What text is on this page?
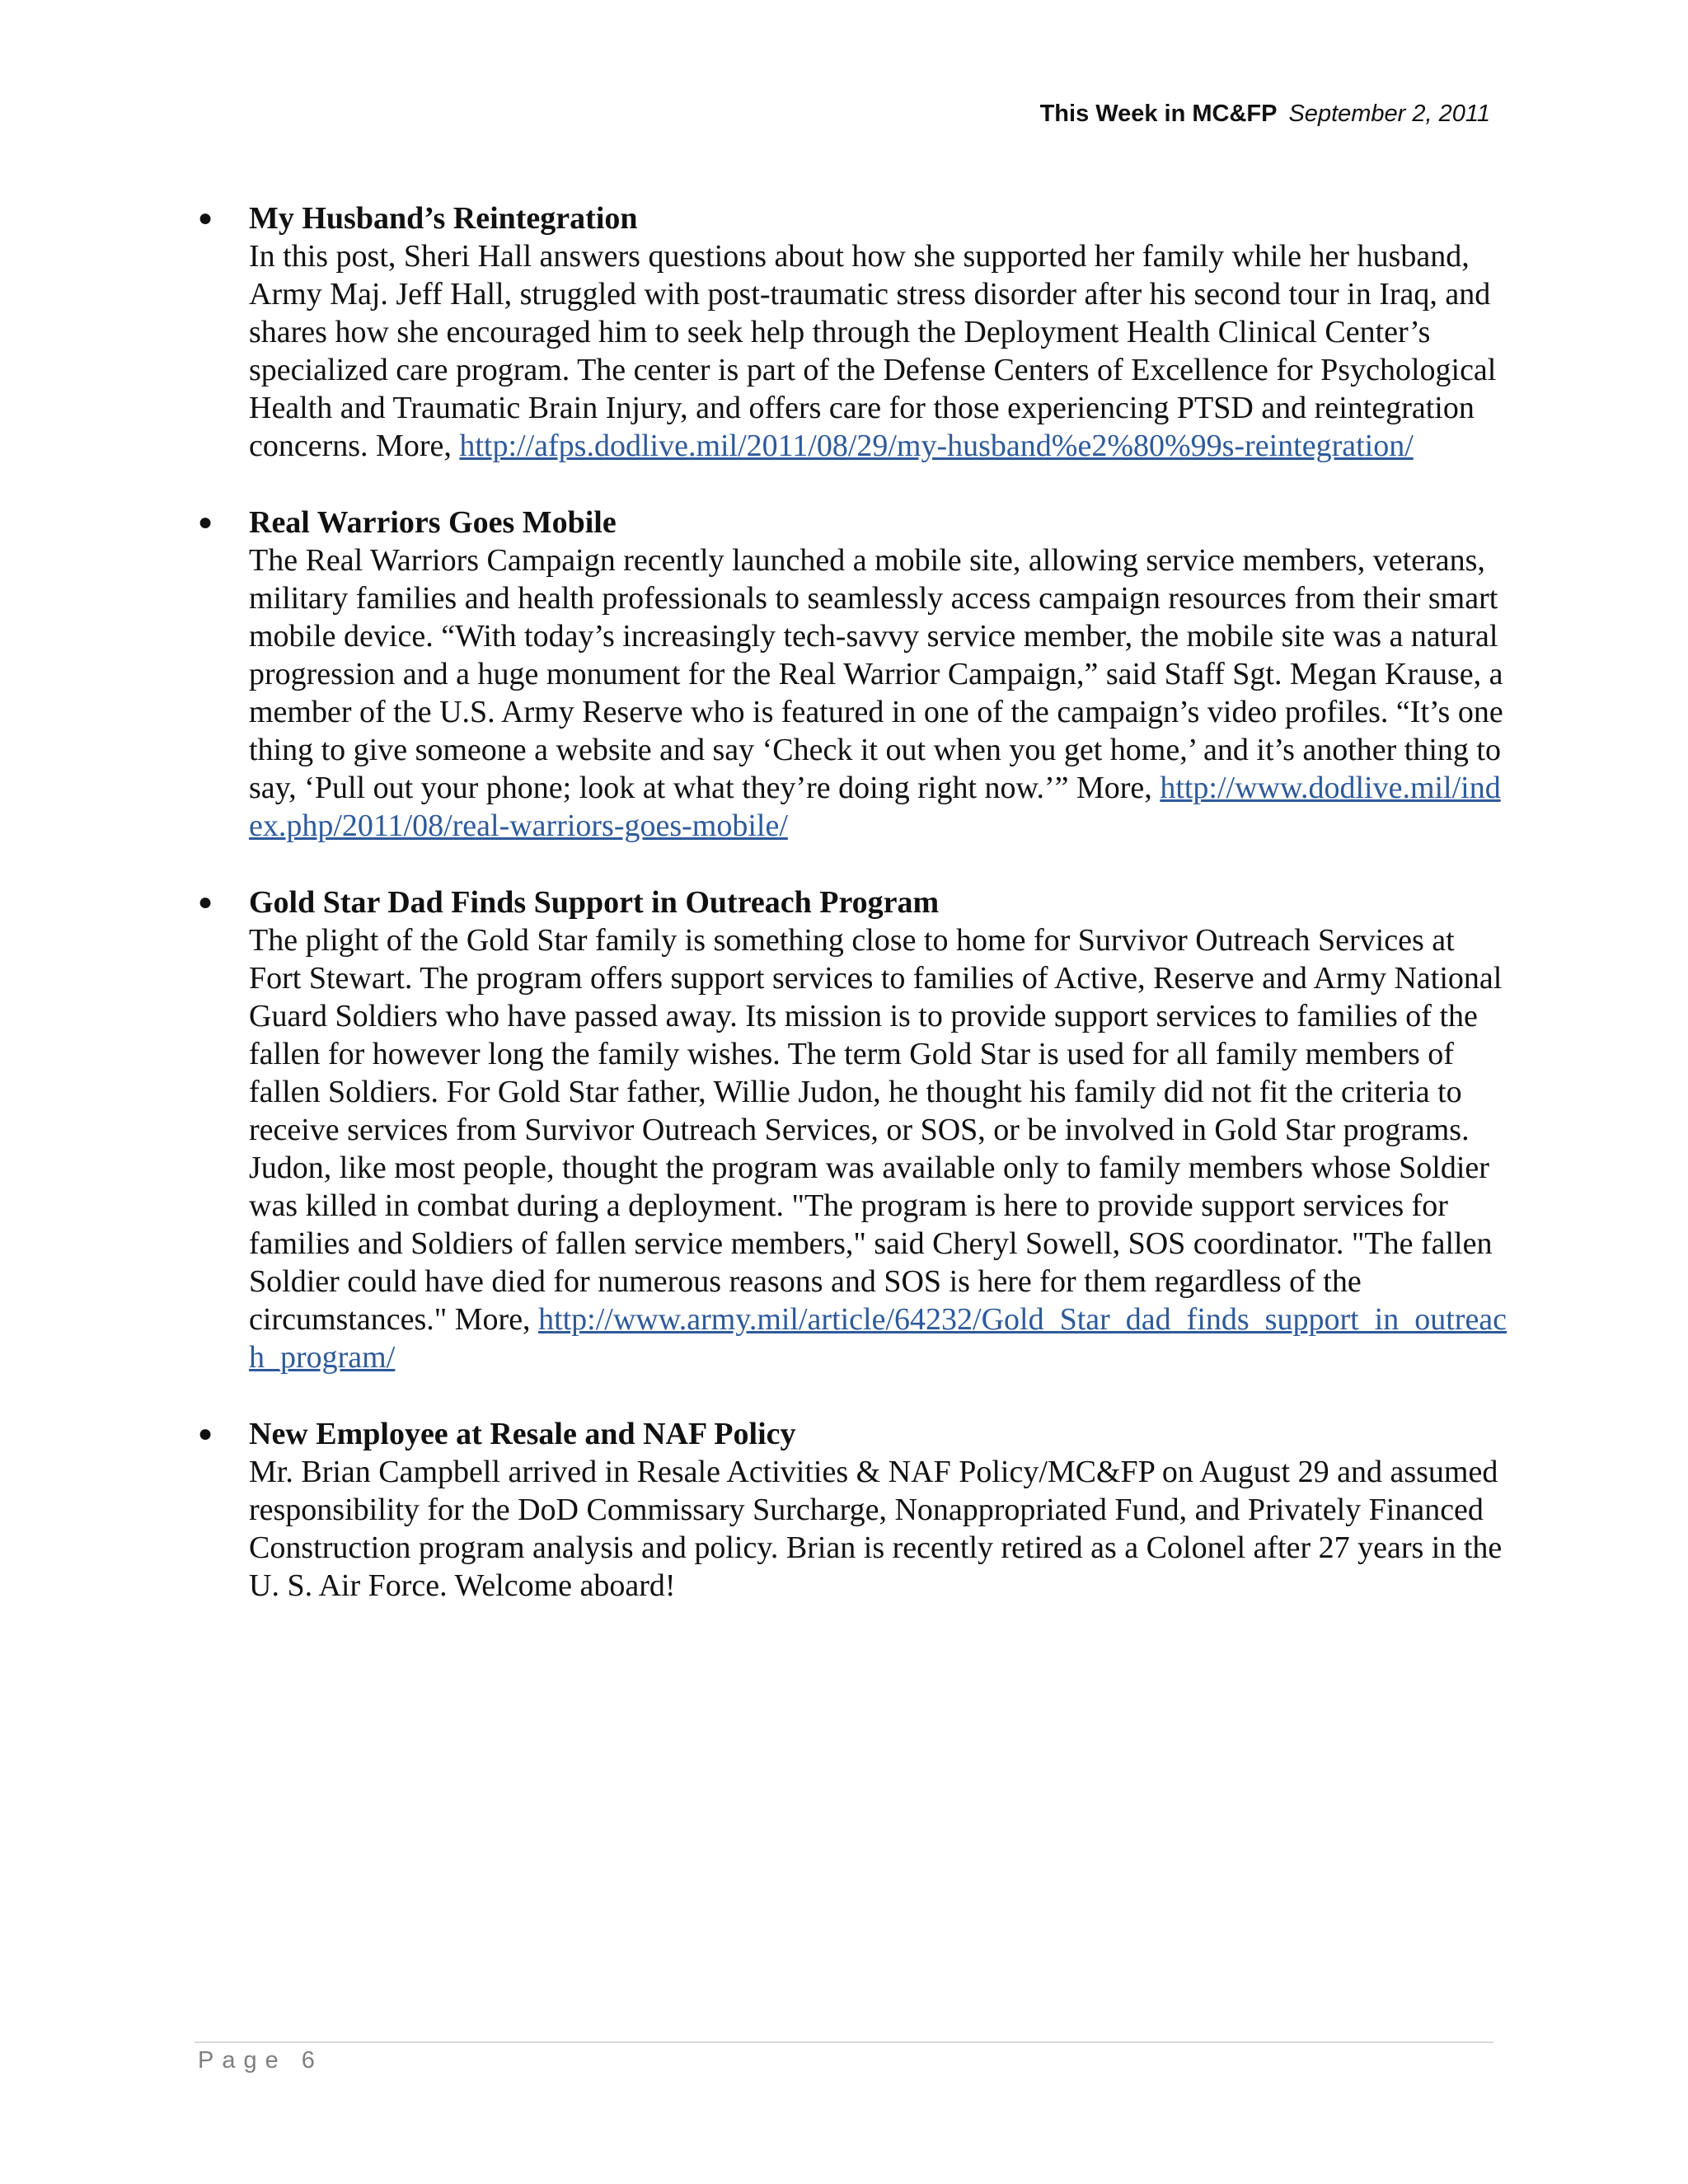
This Week in MC&FP September 2, 2011
● My Husband’s Reintegration
In this post, Sheri Hall answers questions about how she supported her family while her husband, Army Maj. Jeff Hall, struggled with post-traumatic stress disorder after his second tour in Iraq, and shares how she encouraged him to seek help through the Deployment Health Clinical Center’s specialized care program. The center is part of the Defense Centers of Excellence for Psychological Health and Traumatic Brain Injury, and offers care for those experiencing PTSD and reintegration concerns. More, http://afps.dodlive.mil/2011/08/29/my-husband%e2%80%99s-reintegration/
● Real Warriors Goes Mobile
The Real Warriors Campaign recently launched a mobile site, allowing service members, veterans, military families and health professionals to seamlessly access campaign resources from their smart mobile device. “With today’s increasingly tech-savvy service member, the mobile site was a natural progression and a huge monument for the Real Warrior Campaign,” said Staff Sgt. Megan Krause, a member of the U.S. Army Reserve who is featured in one of the campaign’s video profiles. “It’s one thing to give someone a website and say ‘Check it out when you get home,’ and it’s another thing to say, ‘Pull out your phone; look at what they’re doing right now.’” More, http://www.dodlive.mil/index.php/2011/08/real-warriors-goes-mobile/
● Gold Star Dad Finds Support in Outreach Program
The plight of the Gold Star family is something close to home for Survivor Outreach Services at Fort Stewart. The program offers support services to families of Active, Reserve and Army National Guard Soldiers who have passed away. Its mission is to provide support services to families of the fallen for however long the family wishes. The term Gold Star is used for all family members of fallen Soldiers. For Gold Star father, Willie Judon, he thought his family did not fit the criteria to receive services from Survivor Outreach Services, or SOS, or be involved in Gold Star programs. Judon, like most people, thought the program was available only to family members whose Soldier was killed in combat during a deployment. "The program is here to provide support services for families and Soldiers of fallen service members," said Cheryl Sowell, SOS coordinator. "The fallen Soldier could have died for numerous reasons and SOS is here for them regardless of the circumstances." More, http://www.army.mil/article/64232/Gold_Star_dad_finds_support_in_outreach_program/
● New Employee at Resale and NAF Policy
Mr. Brian Campbell arrived in Resale Activities & NAF Policy/MC&FP on August 29 and assumed responsibility for the DoD Commissary Surcharge, Nonappropriated Fund, and Privately Financed Construction program analysis and policy. Brian is recently retired as a Colonel after 27 years in the U. S. Air Force. Welcome aboard!
Page 6
